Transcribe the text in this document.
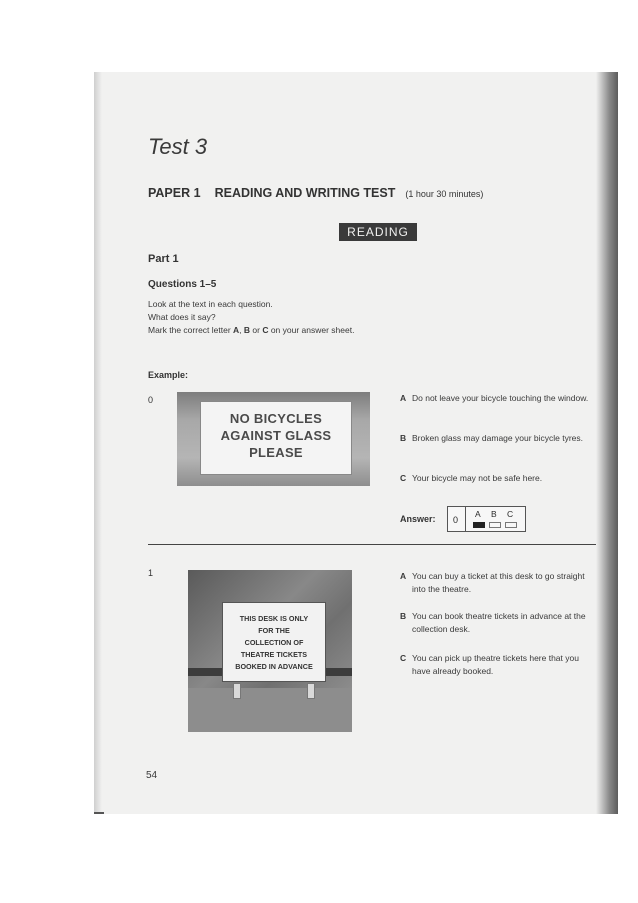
Test 3
PAPER 1 READING AND WRITING TEST (1 hour 30 minutes)
READING
Part 1
Questions 1–5
Look at the text in each question.
What does it say?
Mark the correct letter A, B or C on your answer sheet.
Example:
0
NO BICYCLES
AGAINST GLASS
PLEASE
A Do not leave your bicycle touching the window.
B Broken glass may damage your bicycle tyres.
C Your bicycle may not be safe here.
Answer: 0
A B C
1
THIS DESK IS ONLY
FOR THE
COLLECTION OF
THEATRE TICKETS
BOOKED IN ADVANCE
A You can buy a ticket at this desk to go straight into the theatre.
B You can book theatre tickets in advance at the collection desk.
C You can pick up theatre tickets here that you have already booked.
54
